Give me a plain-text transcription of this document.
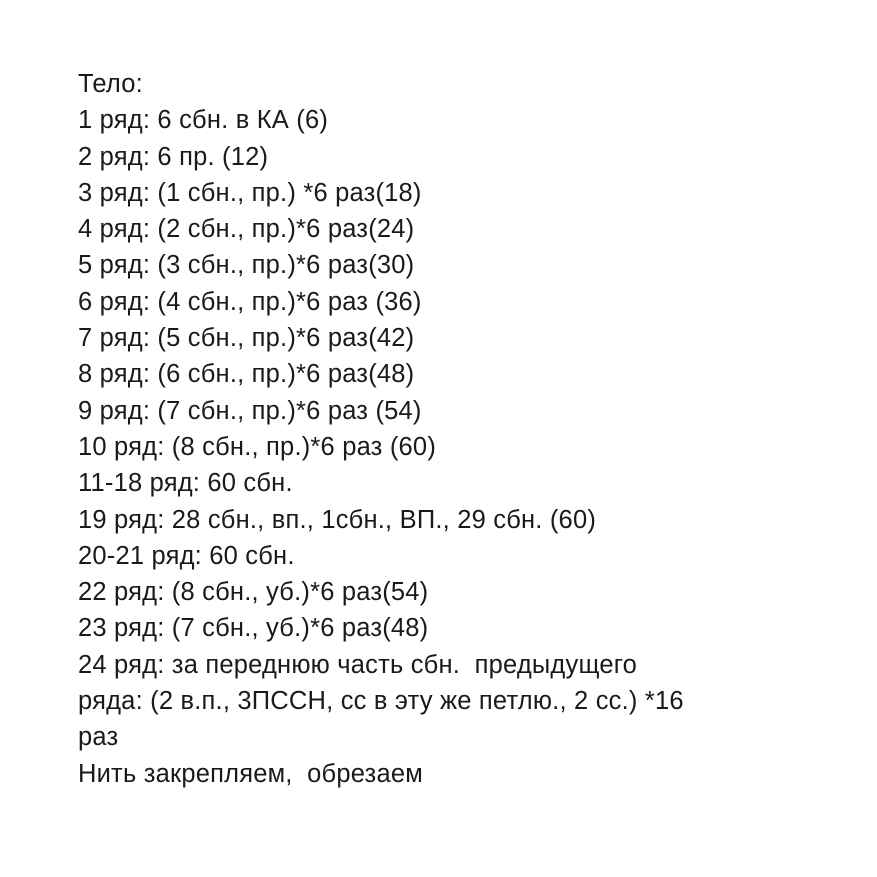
Тело:
1 ряд: 6 сбн. в КА (6)
2 ряд: 6 пр. (12)
3 ряд: (1 сбн., пр.) *6 раз(18)
4 ряд: (2 сбн., пр.)*6 раз(24)
5 ряд: (3 сбн., пр.)*6 раз(30)
6 ряд: (4 сбн., пр.)*6 раз (36)
7 ряд: (5 сбн., пр.)*6 раз(42)
8 ряд: (6 сбн., пр.)*6 раз(48)
9 ряд: (7 сбн., пр.)*6 раз (54)
10 ряд: (8 сбн., пр.)*6 раз (60)
11-18 ряд: 60 сбн.
19 ряд: 28 сбн., вп., 1сбн., ВП., 29 сбн. (60)
20-21 ряд: 60 сбн.
22 ряд: (8 сбн., уб.)*6 раз(54)
23 ряд: (7 сбн., уб.)*6 раз(48)
24 ряд: за переднюю часть сбн.  предыдущего
ряда: (2 в.п., 3ПССН, сс в эту же петлю., 2 сс.) *16
раз
Нить закрепляем,  обрезаем
